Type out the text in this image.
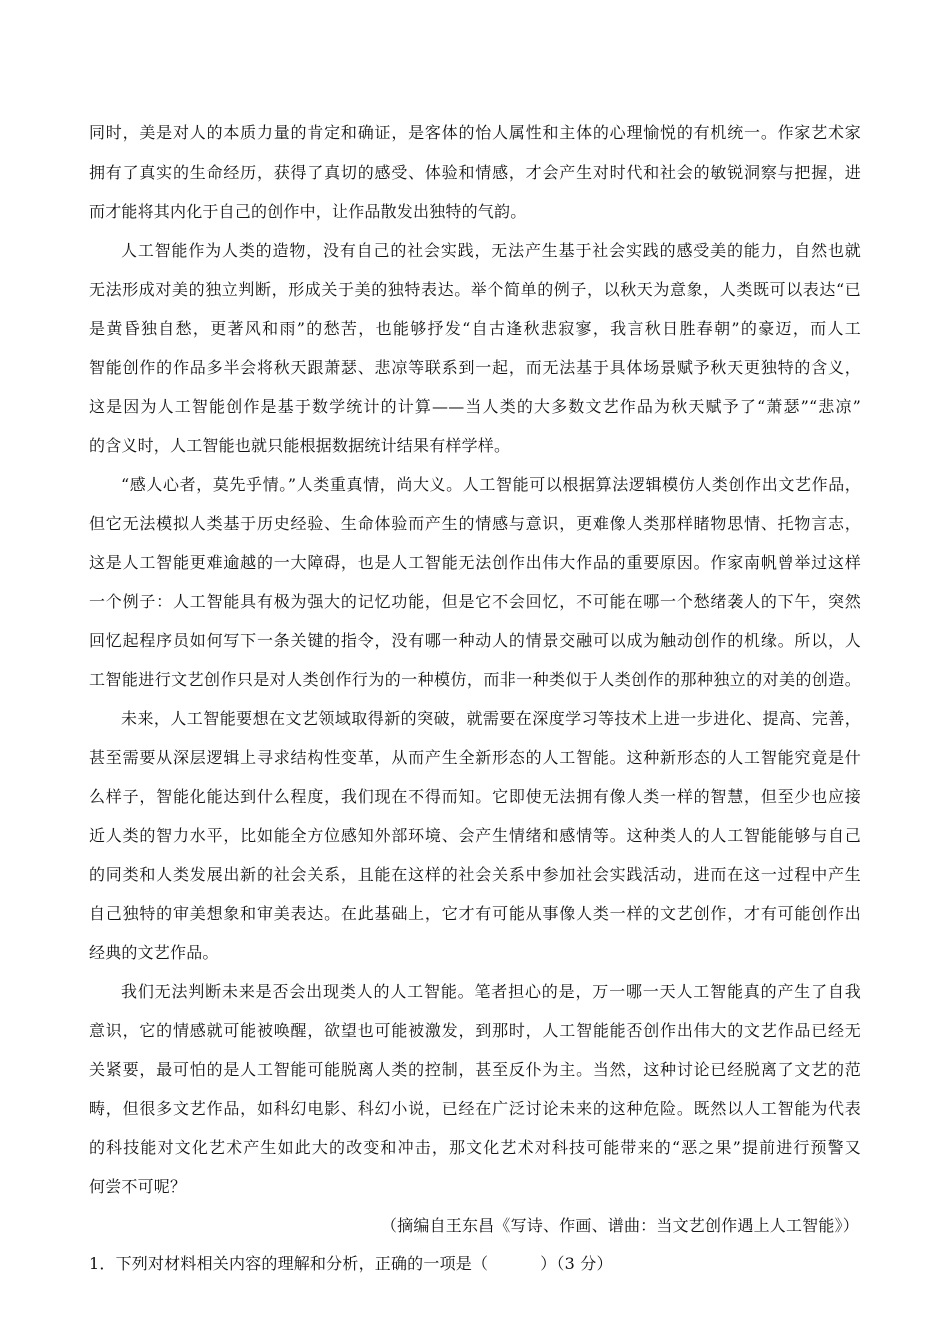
同时，美是对人的本质力量的肯定和确证，是客体的怡人属性和主体的心理愉悦的有机统一。作家艺术家
拥有了真实的生命经历，获得了真切的感受、体验和情感，才会产生对时代和社会的敏锐洞察与把握，进
而才能将其内化于自己的创作中，让作品散发出独特的气韵。
人工智能作为人类的造物，没有自己的社会实践，无法产生基于社会实践的感受美的能力，自然也就
无法形成对美的独立判断，形成关于美的独特表达。举个简单的例子，以秋天为意象，人类既可以表达“已
是黄昏独自愁，更著风和雨”的愁苦，也能够抒发“自古逢秋悲寂寥，我言秋日胜春朝”的豪迈，而人工
智能创作的作品多半会将秋天跟萧瑟、悲凉等联系到一起，而无法基于具体场景赋予秋天更独特的含义，
这是因为人工智能创作是基于数学统计的计算——当人类的大多数文艺作品为秋天赋予了“萧瑟”“悲凉”
的含义时，人工智能也就只能根据数据统计结果有样学样。
“感人心者，莫先乎情。”人类重真情，尚大义。人工智能可以根据算法逻辑模仿人类创作出文艺作品，
但它无法模拟人类基于历史经验、生命体验而产生的情感与意识，更难像人类那样睹物思情、托物言志，
这是人工智能更难逾越的一大障碍，也是人工智能无法创作出伟大作品的重要原因。作家南帆曾举过这样
一个例子：人工智能具有极为强大的记忆功能，但是它不会回忆，不可能在哪一个愁绪袭人的下午，突然
回忆起程序员如何写下一条关键的指令，没有哪一种动人的情景交融可以成为触动创作的机缘。所以，人
工智能进行文艺创作只是对人类创作行为的一种模仿，而非一种类似于人类创作的那种独立的对美的创造。
未来，人工智能要想在文艺领域取得新的突破，就需要在深度学习等技术上进一步进化、提高、完善，
甚至需要从深层逻辑上寻求结构性变革，从而产生全新形态的人工智能。这种新形态的人工智能究竟是什
么样子，智能化能达到什么程度，我们现在不得而知。它即使无法拥有像人类一样的智慧，但至少也应接
近人类的智力水平，比如能全方位感知外部环境、会产生情绪和感情等。这种类人的人工智能能够与自己
的同类和人类发展出新的社会关系，且能在这样的社会关系中参加社会实践活动，进而在这一过程中产生
自己独特的审美想象和审美表达。在此基础上，它才有可能从事像人类一样的文艺创作，才有可能创作出
经典的文艺作品。
我们无法判断未来是否会出现类人的人工智能。笔者担心的是，万一哪一天人工智能真的产生了自我
意识，它的情感就可能被唤醒，欲望也可能被激发，到那时，人工智能能否创作出伟大的文艺作品已经无
关紧要，最可怕的是人工智能可能脱离人类的控制，甚至反仆为主。当然，这种讨论已经脱离了文艺的范
畴，但很多文艺作品，如科幻电影、科幻小说，已经在广泛讨论未来的这种危险。既然以人工智能为代表
的科技能对文化艺术产生如此大的改变和冲击，那文化艺术对科技可能带来的“恶之果”提前进行预警又
何尝不可呢？
（摘编自王东昌《写诗、作画、谱曲：当文艺创作遇上人工智能》）
1．下列对材料相关内容的理解和分析，正确的一项是（	）（3 分）
